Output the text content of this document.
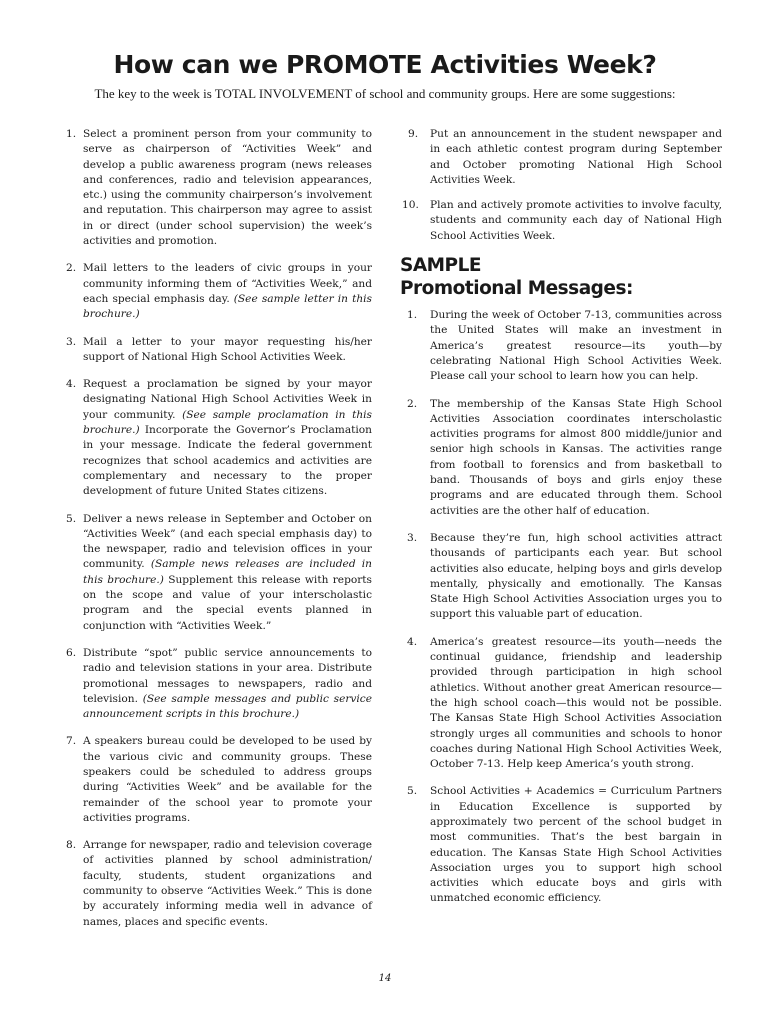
How can we PROMOTE Activities Week?

The key to the week is TOTAL INVOLVEMENT of school and community groups. Here are some suggestions:

1. Select a prominent person from your community to serve as chairperson of “Activities Week” and develop a public awareness program (news releases and conferences, radio and television appearances, etc.) using the community chairperson’s involvement and reputation. This chairperson may agree to assist in or direct (under school supervision) the week’s activities and promotion.
2. Mail letters to the leaders of civic groups in your community informing them of “Activities Week,” and each special emphasis day. (See sample letter in this brochure.)
3. Mail a letter to your mayor requesting his/her support of National High School Activities Week.
4. Request a proclamation be signed by your mayor designating National High School Activities Week in your community. (See sample proclamation in this brochure.) Incorporate the Governor’s Proclamation in your message. Indicate the federal government recognizes that school academics and activities are complementary and necessary to the proper development of future United States citizens.
5. Deliver a news release in September and October on “Activities Week” (and each special emphasis day) to the newspaper, radio and television offices in your community. (Sample news releases are included in this brochure.) Supplement this release with reports on the scope and value of your interscholastic program and the special events planned in conjunction with “Activities Week.”
6. Distribute “spot” public service announcements to radio and television stations in your area. Distribute promotional messages to newspapers, radio and television. (See sample messages and public service announcement scripts in this brochure.)
7. A speakers bureau could be developed to be used by the various civic and community groups. These speakers could be scheduled to address groups during “Activities Week” and be available for the remainder of the school year to promote your activities programs.
8. Arrange for newspaper, radio and television coverage of activities planned by school administration/ faculty, students, student organizations and community to observe “Activities Week.” This is done by accurately informing media well in advance of names, places and specific events.
9. Put an announcement in the student newspaper and in each athletic contest program during September and October promoting National High School Activities Week.
10. Plan and actively promote activities to involve faculty, students and community each day of National High School Activities Week.
SAMPLE
Promotional Messages:
1. During the week of October 7-13, communities across the United States will make an investment in America’s greatest resource—its youth—by celebrating National High School Activities Week. Please call your school to learn how you can help.
2. The membership of the Kansas State High School Activities Association coordinates interscholastic activities programs for almost 800 middle/junior and senior high schools in Kansas. The activities range from football to forensics and from basketball to band. Thousands of boys and girls enjoy these programs and are educated through them. School activities are the other half of education.
3. Because they’re fun, high school activities attract thousands of participants each year. But school activities also educate, helping boys and girls develop mentally, physically and emotionally. The Kansas State High School Activities Association urges you to support this valuable part of education.
4. America’s greatest resource—its youth—needs the continual guidance, friendship and leadership provided through participation in high school athletics. Without another great American resource—the high school coach—this would not be possible. The Kansas State High School Activities Association strongly urges all communities and schools to honor coaches during National High School Activities Week, October 7-13. Help keep America’s youth strong.
5. School Activities + Academics = Curriculum Partners in Education Excellence is supported by approximately two percent of the school budget in most communities. That’s the best bargain in education. The Kansas State High School Activities Association urges you to support high school activities which educate boys and girls with unmatched economic efficiency.
14
